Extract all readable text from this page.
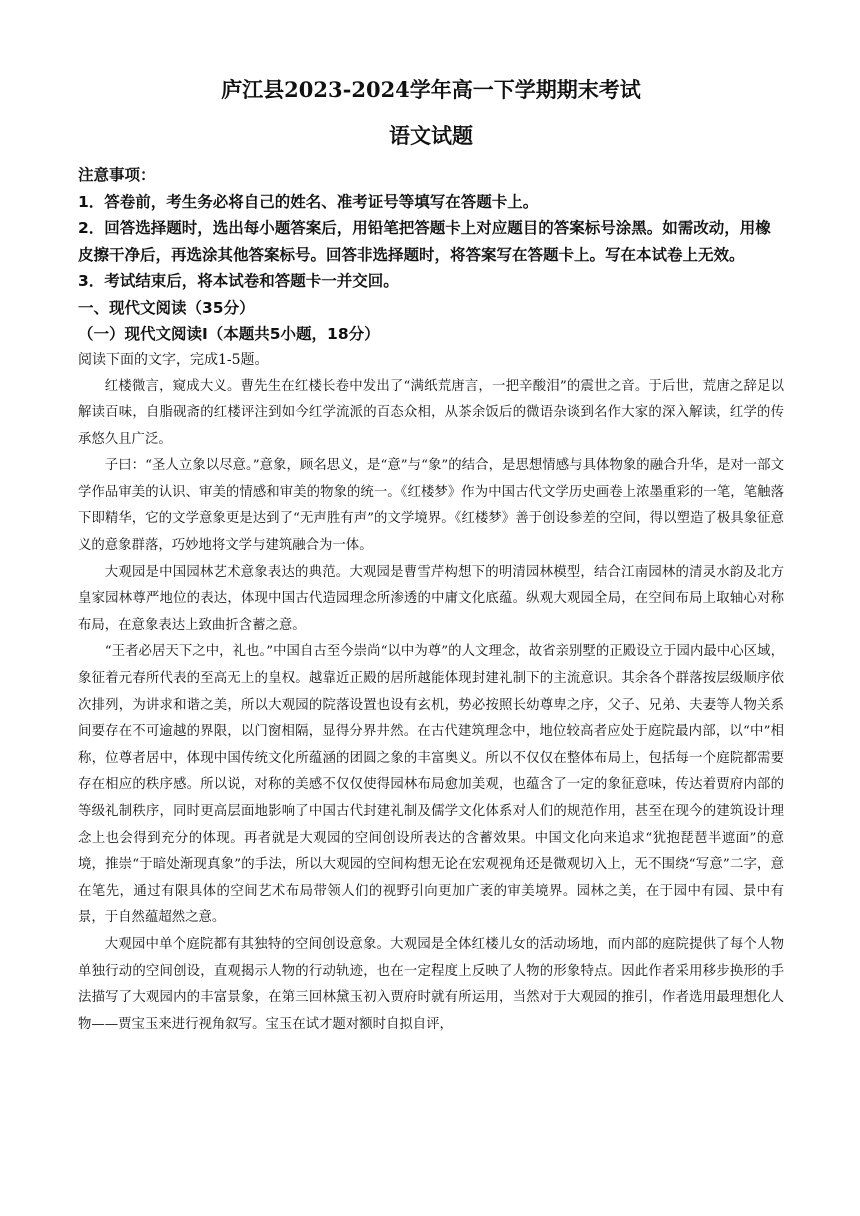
庐江县2023-2024学年高一下学期期末考试
语文试题

注意事项：

1．答卷前，考生务必将自己的姓名、准考证号等填写在答题卡上。

2．回答选择题时，选出每小题答案后，用铅笔把答题卡上对应题目的答案标号涂黑。如需改动，用橡皮擦干净后，再选涂其他答案标号。回答非选择题时，将答案写在答题卡上。写在本试卷上无效。

3．考试结束后，将本试卷和答题卡一并交回。

一、现代文阅读（35分）

（一）现代文阅读Ⅰ（本题共5小题，18分）

阅读下面的文字，完成1-5题。

红楼微言，窥成大义。曹先生在红楼长卷中发出了“满纸荒唐言，一把辛酸泪”的震世之音。于后世，荒唐之辞足以解读百味，自脂砚斋的红楼评注到如今红学流派的百态众相，从茶余饭后的微语杂谈到名作大家的深入解读，红学的传承悠久且广泛。

子曰：“圣人立象以尽意。”意象，顾名思义，是“意”与“象”的结合，是思想情感与具体物象的融合升华，是对一部文学作品审美的认识、审美的情感和审美的物象的统一。《红楼梦》作为中国古代文学历史画卷上浓墨重彩的一笔，笔触落下即精华，它的文学意象更是达到了“无声胜有声”的文学境界。《红楼梦》善于创设参差的空间，得以塑造了极具象征意义的意象群落，巧妙地将文学与建筑融合为一体。

大观园是中国园林艺术意象表达的典范。大观园是曹雪芹构想下的明清园林模型，结合江南园林的清灵水韵及北方皇家园林尊严地位的表达，体现中国古代造园理念所渗透的中庸文化底蕴。纵观大观园全局，在空间布局上取轴心对称布局，在意象表达上致曲折含蓄之意。

“王者必居天下之中，礼也。”中国自古至今崇尚“以中为尊”的人文理念，故省亲别墅的正殿设立于园内最中心区域，象征着元春所代表的至高无上的皇权。越靠近正殿的居所越能体现封建礼制下的主流意识。其余各个群落按层级顺序依次排列，为讲求和谐之美，所以大观园的院落设置也设有玄机，势必按照长幼尊卑之序，父子、兄弟、夫妻等人物关系间要存在不可逾越的界限，以门窗相隔，显得分界井然。在古代建筑理念中，地位较高者应处于庭院最内部，以“中”相称，位尊者居中，体现中国传统文化所蕴涵的团圆之象的丰富奥义。所以不仅仅在整体布局上，包括每一个庭院都需要存在相应的秩序感。所以说，对称的美感不仅仅使得园林布局愈加美观，也蕴含了一定的象征意味，传达着贾府内部的等级礼制秩序，同时更高层面地影响了中国古代封建礼制及儒学文化体系对人们的规范作用，甚至在现今的建筑设计理念上也会得到充分的体现。再者就是大观园的空间创设所表达的含蓄效果。中国文化向来追求“犹抱琵琶半遮面”的意境，推崇“于暗处渐现真象”的手法，所以大观园的空间构想无论在宏观视角还是微观切入上，无不围绕“写意”二字，意在笔先，通过有限具体的空间艺术布局带领人们的视野引向更加广袤的审美境界。园林之美，在于园中有园、景中有景，于自然蕴超然之意。

大观园中单个庭院都有其独特的空间创设意象。大观园是全体红楼儿女的活动场地，而内部的庭院提供了每个人物单独行动的空间创设，直观揭示人物的行动轨迹，也在一定程度上反映了人物的形象特点。因此作者采用移步换形的手法描写了大观园内的丰富景象，在第三回林黛玉初入贾府时就有所运用，当然对于大观园的推引，作者选用最理想化人物——贾宝玉来进行视角叙写。宝玉在试才题对额时自拟自评，
